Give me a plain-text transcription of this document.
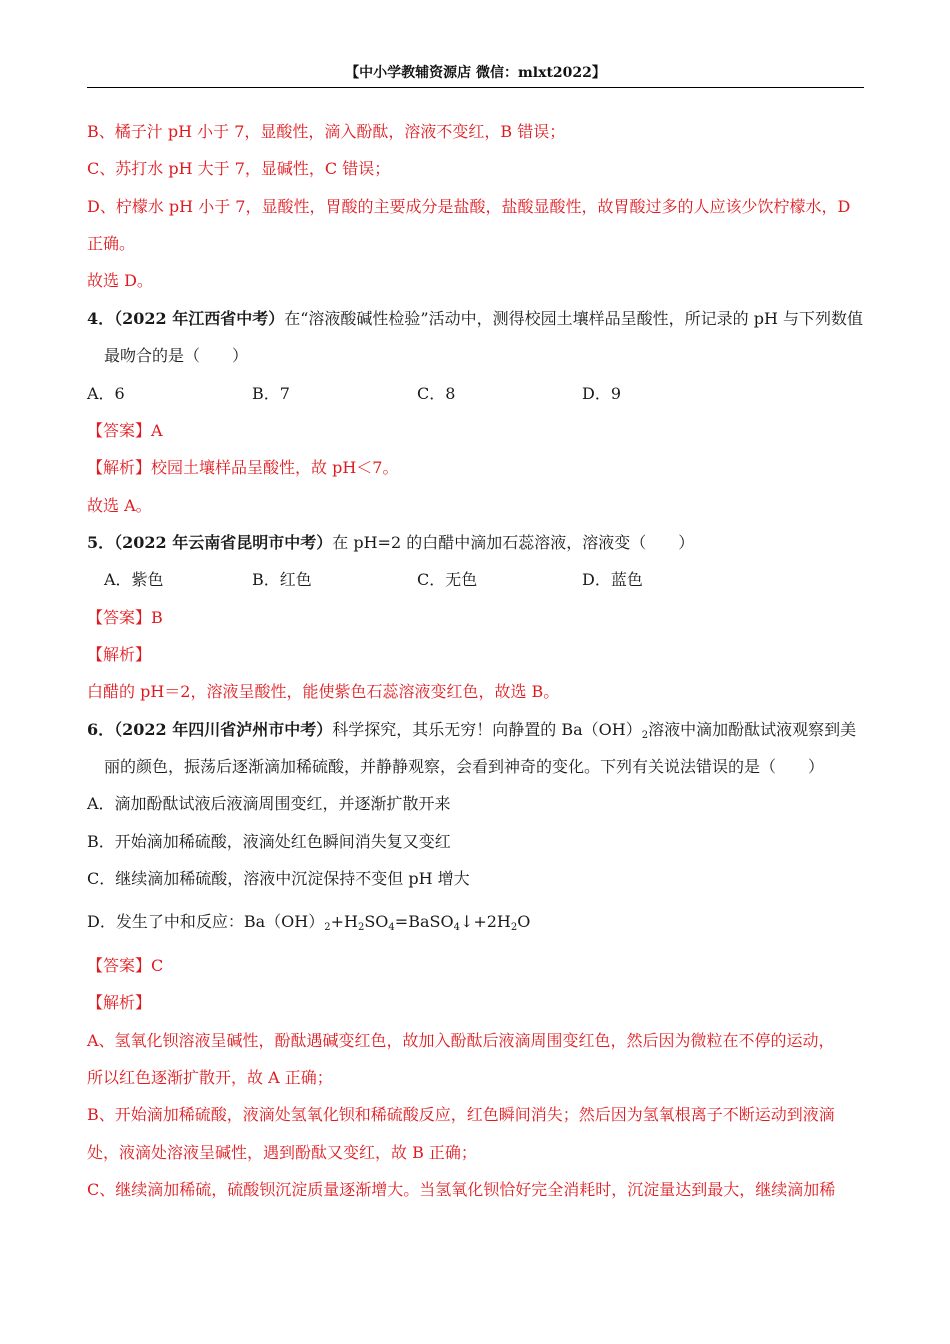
【中小学教辅资源店 微信：mlxt2022】
B、橘子汁 pH 小于 7，显酸性，滴入酚酞，溶液不变红，B 错误；
C、苏打水 pH 大于 7，显碱性，C 错误；
D、柠檬水 pH 小于 7，显酸性，胃酸的主要成分是盐酸，盐酸显酸性，故胃酸过多的人应该少饮柠檬水，D
正确。
故选 D。
4．（2022 年江西省中考）在“溶液酸碱性检验”活动中，测得校园土壤样品呈酸性，所记录的 pH 与下列数值
最吻合的是（　　）
A．6	B．7	C．8	D．9
【答案】A
【解析】校园土壤样品呈酸性，故 pH＜7。
故选 A。
5．（2022 年云南省昆明市中考）在 pH=2 的白醋中滴加石蕊溶液，溶液变（　　）
A．紫色	B．红色	C．无色	D．蓝色
【答案】B
【解析】
白醋的 pH＝2，溶液呈酸性，能使紫色石蕊溶液变红色，故选 B。
6．（2022 年四川省泸州市中考）科学探究，其乐无穷！向静置的 $Ba(OH)_2$溶液中滴加酚酞试液观察到美
丽的颜色，振荡后逐渐滴加稀硫酸，并静静观察，会看到神奇的变化。下列有关说法错误的是（　　）
A．滴加酚酞试液后液滴周围变红，并逐渐扩散开来
B．开始滴加稀硫酸，液滴处红色瞬间消失复又变红
C．继续滴加稀硫酸，溶液中沉淀保持不变但 pH 增大
D．发生了中和反应：$Ba(OH)_2+H_2SO_4=BaSO_4↓+2H_2O$
【答案】C
【解析】
A、氢氧化钡溶液呈碱性，酚酞遇碱变红色，故加入酚酞后液滴周围变红色，然后因为微粒在不停的运动，
所以红色逐渐扩散开，故 A 正确；
B、开始滴加稀硫酸，液滴处氢氧化钡和稀硫酸反应，红色瞬间消失；然后因为氢氧根离子不断运动到液滴
处，液滴处溶液呈碱性，遇到酚酞又变红，故 B 正确；
C、继续滴加稀硫，硫酸钡沉淀质量逐渐增大。当氢氧化钡恰好完全消耗时，沉淀量达到最大，继续滴加稀
